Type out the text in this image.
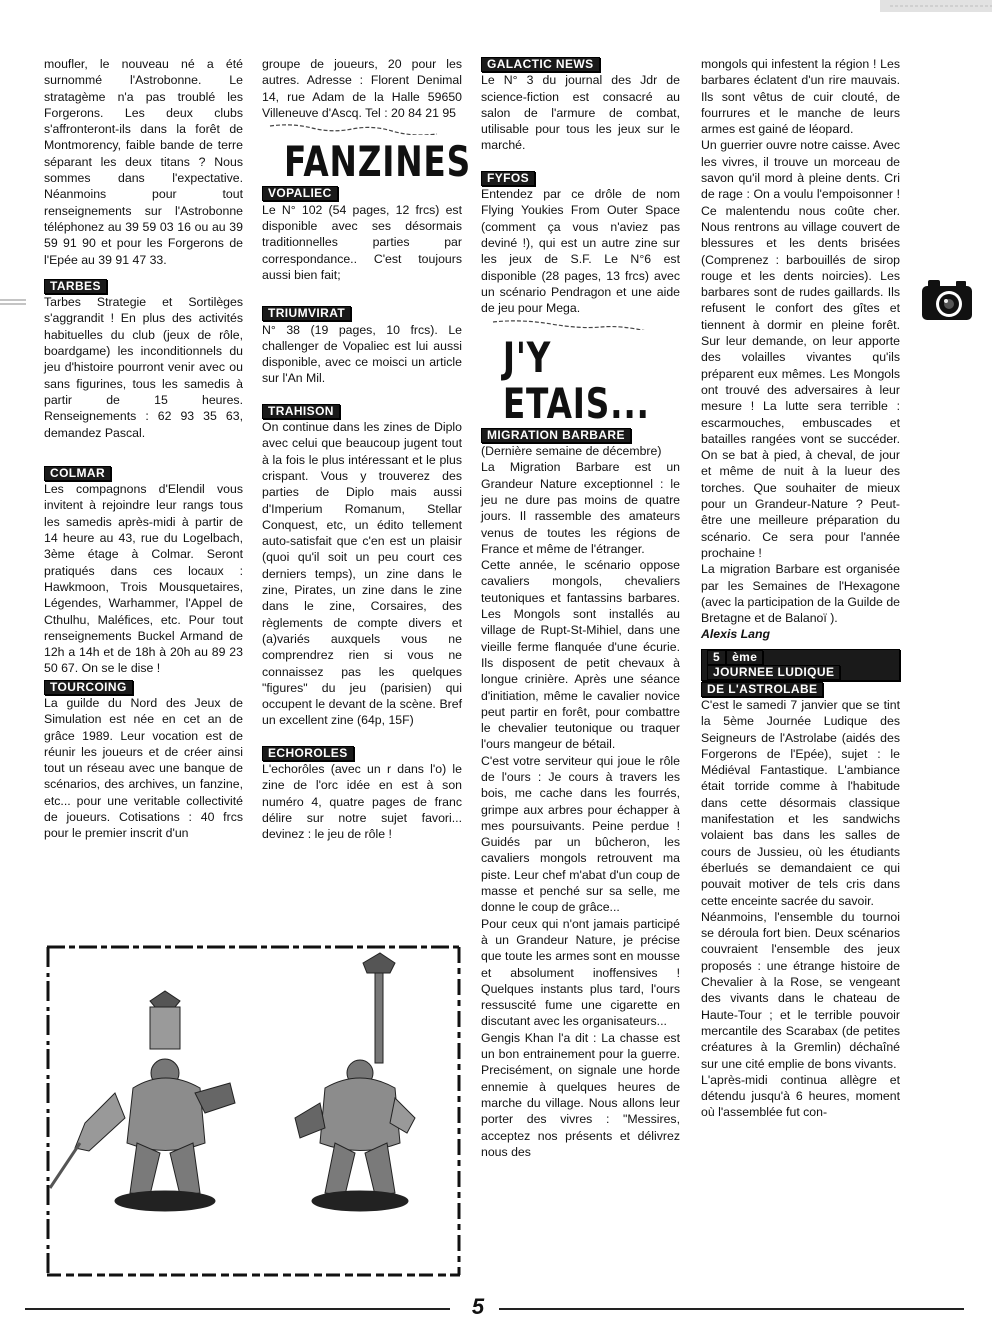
moufler, le nouveau né a été surnommé l'Astrobonne. Le stratagème n'a pas troublé les Forgerons. Les deux clubs s'affronteront-ils dans la forêt de Montmorency, faible bande de terre séparant les deux titans ? Nous sommes dans l'expectative. Néanmoins pour tout renseignements sur l'Astrobonne téléphonez au 39 59 03 16 ou au 39 59 91 90 et pour les Forgerons de l'Epée au 39 91 47 33.

TARBES

Tarbes Strategie et Sortilèges s'aggrandit ! En plus des activités habituelles du club (jeux de rôle, boardgame) les inconditionnels du jeu d'histoire pourront venir avec ou sans figurines, tous les samedis à partir de 15 heures. Renseignements : 62 93 35 63, demandez Pascal.

COLMAR

Les compagnons d'Elendil vous invitent à rejoindre leur rangs tous les samedis après-midi à partir de 14 heure au 43, rue du Logelbach, 3ème étage à Colmar. Seront pratiqués dans ces locaux : Hawkmoon, Trois Mousquetaires, Légendes, Warhammer, l'Appel de Cthulhu, Maléfices, etc. Pour tout renseignements Buckel Armand de 12h a 14h et de 18h à 20h au 89 23 50 67. On se le dise !

TOURCOING

La guilde du Nord des Jeux de Simulation est née en cet an de grâce 1989. Leur vocation est de réunir les joueurs et de créer ainsi tout un réseau avec une banque de scénarios, des archives, un fanzine, etc... pour une veritable collectivité de joueurs. Cotisations : 40 frcs pour le premier inscrit d'un

groupe de joueurs, 20 pour les autres. Adresse : Florent Denimal 14, rue Adam de la Halle 59650 Villeneuve d'Ascq. Tel : 20 84 21 95

FANZINES

VOPALIEC

Le N° 102 (54 pages, 12 frcs) est disponible avec ses désormais traditionnelles parties par correspondance.. C'est toujours aussi bien fait;

TRIUMVIRAT

N° 38 (19 pages, 10 frcs). Le challenger de Vopaliec est lui aussi disponible, avec ce moisci un article sur l'An Mil.

TRAHISON

On continue dans les zines de Diplo avec celui que beaucoup jugent tout à la fois le plus intéressant et le plus crispant. Vous y trouverez des parties de Diplo mais aussi d'Imperium Romanum, Stellar Conquest, etc, un édito tellement auto-satisfait que c'en est un plaisir (quoi qu'il soit un peu court ces derniers temps), un zine dans le zine, Pirates, un zine dans le zine dans le zine, Corsaires, des règlements de compte divers et (a)variés auxquels vous ne comprendrez rien si vous ne connaissez pas les quelques "figures" du jeu (parisien) qui occupent le devant de la scène. Bref un excellent zine (64p, 15F)

ECHOROLES

L'echorôles (avec un r dans l'o) le zine de l'orc idée en est à son numéro 4, quatre pages de franc délire sur notre sujet favori... devinez : le jeu de rôle !

GALACTIC NEWS

Le N° 3 du journal des Jdr de science-fiction est consacré au salon de l'armure de combat, utilisable pour tous les jeux sur le marché.

FYFOS

Entendez par ce drôle de nom Flying Youkies From Outer Space (comment ça vous n'aviez pas deviné !), qui est un autre zine sur les jeux de S.F. Le N°6 est disponible (28 pages, 13 frcs) avec un scénario Pendragon et une aide de jeu pour Mega.

J'Y ETAIS...

MIGRATION BARBARE

(Dernière semaine de décembre)

La Migration Barbare est un Grandeur Nature exceptionnel : le jeu ne dure pas moins de quatre jours. Il rassemble des amateurs venus de toutes les régions de France et même de l'étranger.

Cette année, le scénario oppose cavaliers mongols, chevaliers teutoniques et fantassins barbares. Les Mongols sont installés au village de Rupt-St-Mihiel, dans une vieille ferme flanquée d'une écurie. Ils disposent de petit chevaux à longue crinière. Après une séance d'initiation, même le cavalier novice peut partir en forêt, pour combattre le chevalier teutonique ou traquer l'ours mangeur de bétail.

C'est votre serviteur qui joue le rôle de l'ours : Je cours à travers les bois, me cache dans les fourrés, grimpe aux arbres pour échapper à mes poursuivants. Peine perdue ! Guidés par un bûcheron, les cavaliers mongols retrouvent ma piste. Leur chef m'abat d'un coup de masse et penché sur sa selle, me donne le coup de grâce...

Pour ceux qui n'ont jamais participé à un Grandeur Nature, je précise que toute les armes sont en mousse et absolument inoffensives ! Quelques instants plus tard, l'ours ressuscité fume une cigarette en discutant avec les organisateurs...

Gengis Khan l'a dit : La chasse est un bon entrainement pour la guerre. Precisément, on signale une horde ennemie à quelques heures de marche du village. Nous allons leur porter des vivres : "Messires, acceptez nos présents et délivrez nous des

mongols qui infestent la région ! Les barbares éclatent d'un rire mauvais. Ils sont vêtus de cuir clouté, de fourrures et le manche de leurs armes est gainé de léopard.

Un guerrier ouvre notre caisse. Avec les vivres, il trouve un morceau de savon qu'il mord à pleine dents. Cri de rage : On a voulu l'empoisonner ! Ce malentendu nous coûte cher. Nous rentrons au village couvert de blessures et les dents brisées (Comprenez : barbouillés de sirop rouge et les dents noircies). Les barbares sont de rudes gaillards. Ils refusent le confort des gîtes et tiennent à dormir en pleine forêt. Sur leur demande, on leur apporte des volailles vivantes qu'ils préparent eux mêmes. Les Mongols ont trouvé des adversaires à leur mesure ! La lutte sera terrible : escarmouches, embuscades et batailles rangées vont se succéder. On se bat à pied, à cheval, de jour et même de nuit à la lueur des torches. Que souhaiter de mieux pour un Grandeur-Nature ? Peut-être une meilleure préparation du scénario. Ce sera pour l'année prochaine !

La migration Barbare est organisée par les Semaines de l'Hexagone (avec la participation de la Guilde de Bretagne et de Balanoï ).

Alexis Lang

5 ème JOURNEE LUDIQUE

DE L'ASTROLABE

C'est le samedi 7 janvier que se tint la 5ème Journée Ludique des Seigneurs de l'Astrolabe (aidés des Forgerons de l'Epée), sujet : le Médiéval Fantastique. L'ambiance était torride comme à l'habitude dans cette désormais classique manifestation et les sandwichs volaient bas dans les salles de cours de Jussieu, où les étudiants éberlués se demandaient ce qui pouvait motiver de tels cris dans cette enceinte sacrée du savoir.

Néanmoins, l'ensemble du tournoi se déroula fort bien. Deux scénarios couvraient l'ensemble des jeux proposés : une étrange histoire de Chevalier à la Rose, se vengeant des vivants dans le chateau de Haute-Tour ; et le terrible pouvoir mercantile des Scarabax (de petites créatures à la Gremlin) déchaîné sur une cité emplie de bons vivants.

L'après-midi continua allègre et détendu jusqu'à 6 heures, moment où l'assemblée fut con-

5
